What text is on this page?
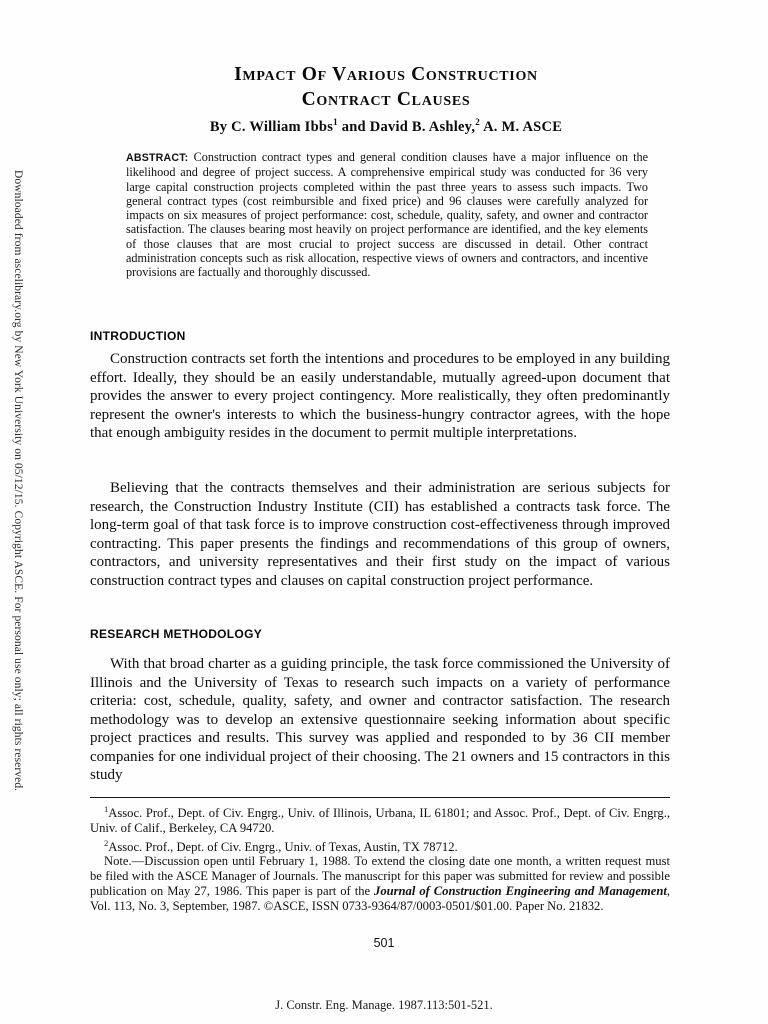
Downloaded from ascelibrary.org by New York University on 05/12/15. Copyright ASCE. For personal use only; all rights reserved.
Impact Of Various Construction
Contract Clauses
By C. William Ibbs$^1$ and David B. Ashley,$^2$ A. M. ASCE
ABSTRACT: Construction contract types and general condition clauses have a major influence on the likelihood and degree of project success. A comprehensive empirical study was conducted for 36 very large capital construction projects completed within the past three years to assess such impacts. Two general contract types (cost reimbursible and fixed price) and 96 clauses were carefully analyzed for impacts on six measures of project performance: cost, schedule, quality, safety, and owner and contractor satisfaction. The clauses bearing most heavily on project performance are identified, and the key elements of those clauses that are most crucial to project success are discussed in detail. Other contract administration concepts such as risk allocation, respective views of owners and contractors, and incentive provisions are factually and thoroughly discussed.
INTRODUCTION

Construction contracts set forth the intentions and procedures to be employed in any building effort. Ideally, they should be an easily understandable, mutually agreed-upon document that provides the answer to every project contingency. More realistically, they often predominantly represent the owner's interests to which the business-hungry contractor agrees, with the hope that enough ambiguity resides in the document to permit multiple interpretations.

Believing that the contracts themselves and their administration are serious subjects for research, the Construction Industry Institute (CII) has established a contracts task force. The long-term goal of that task force is to improve construction cost-effectiveness through improved contracting. This paper presents the findings and recommendations of this group of owners, contractors, and university representatives and their first study on the impact of various construction contract types and clauses on capital construction project performance.

RESEARCH METHODOLOGY

With that broad charter as a guiding principle, the task force commissioned the University of Illinois and the University of Texas to research such impacts on a variety of performance criteria: cost, schedule, quality, safety, and owner and contractor satisfaction. The research methodology was to develop an extensive questionnaire seeking information about specific project practices and results. This survey was applied and responded to by 36 CII member companies for one individual project of their choosing. The 21 owners and 15 contractors in this study

$^1$Assoc. Prof., Dept. of Civ. Engrg., Univ. of Illinois, Urbana, IL 61801; and Assoc. Prof., Dept. of Civ. Engrg., Univ. of Calif., Berkeley, CA 94720.

$^2$Assoc. Prof., Dept. of Civ. Engrg., Univ. of Texas, Austin, TX 78712.

Note.—Discussion open until February 1, 1988. To extend the closing date one month, a written request must be filed with the ASCE Manager of Journals. The manuscript for this paper was submitted for review and possible publication on May 27, 1986. This paper is part of the Journal of Construction Engineering and Management, Vol. 113, No. 3, September, 1987. ©ASCE, ISSN 0733-9364/87/0003-0501/$01.00. Paper No. 21832.

501
J. Constr. Eng. Manage. 1987.113:501-521.
